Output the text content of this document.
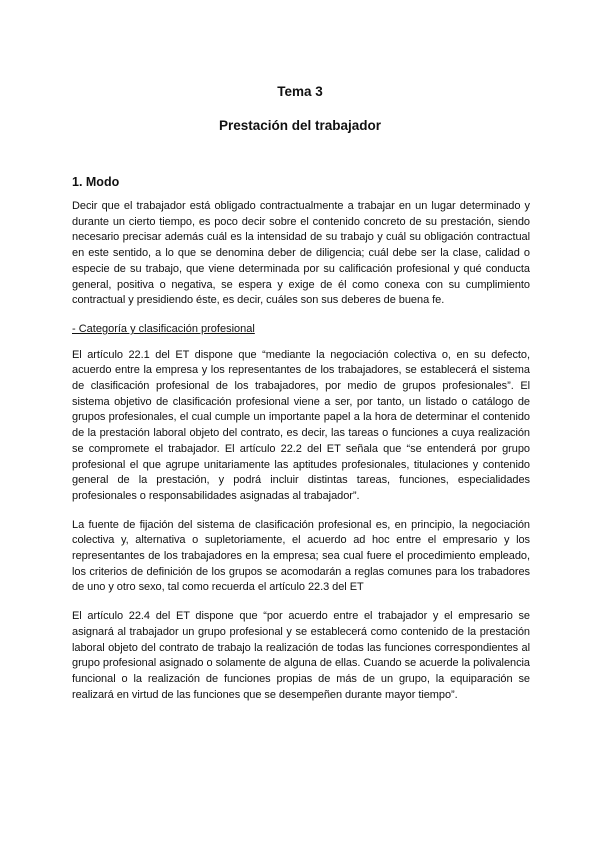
Tema 3
Prestación del trabajador
1. Modo

Decir que el trabajador está obligado contractualmente a trabajar en un lugar determinado y durante un cierto tiempo, es poco decir sobre el contenido concreto de su prestación, siendo necesario precisar además cuál es la intensidad de su trabajo y cuál su obligación contractual en este sentido, a lo que se denomina deber de diligencia; cuál debe ser la clase, calidad o especie de su trabajo, que viene determinada por su calificación profesional y qué conducta general, positiva o negativa, se espera y exige de él como conexa con su cumplimiento contractual y presidiendo éste, es decir, cuáles son sus deberes de buena fe.

- Categoría y clasificación profesional

El artículo 22.1 del ET dispone que “mediante la negociación colectiva o, en su defecto, acuerdo entre la empresa y los representantes de los trabajadores, se establecerá el sistema de clasificación profesional de los trabajadores, por medio de grupos profesionales”. El sistema objetivo de clasificación profesional viene a ser, por tanto, un listado o catálogo de grupos profesionales, el cual cumple un importante papel a la hora de determinar el contenido de la prestación laboral objeto del contrato, es decir, las tareas o funciones a cuya realización se compromete el trabajador. El artículo 22.2 del ET señala que “se entenderá por grupo profesional el que agrupe unitariamente las aptitudes profesionales, titulaciones y contenido general de la prestación, y podrá incluir distintas tareas, funciones, especialidades profesionales o responsabilidades asignadas al trabajador”.

La fuente de fijación del sistema de clasificación profesional es, en principio, la negociación colectiva y, alternativa o supletoriamente, el acuerdo ad hoc entre el empresario y los representantes de los trabajadores en la empresa; sea cual fuere el procedimiento empleado, los criterios de definición de los grupos se acomodarán a reglas comunes para los trabadores de uno y otro sexo, tal como recuerda el artículo 22.3 del ET

El artículo 22.4 del ET dispone que “por acuerdo entre el trabajador y el empresario se asignará al trabajador un grupo profesional y se establecerá como contenido de la prestación laboral objeto del contrato de trabajo la realización de todas las funciones correspondientes al grupo profesional asignado o solamente de alguna de ellas. Cuando se acuerde la polivalencia funcional o la realización de funciones propias de más de un grupo, la equiparación se realizará en virtud de las funciones que se desempeñen durante mayor tiempo”.
